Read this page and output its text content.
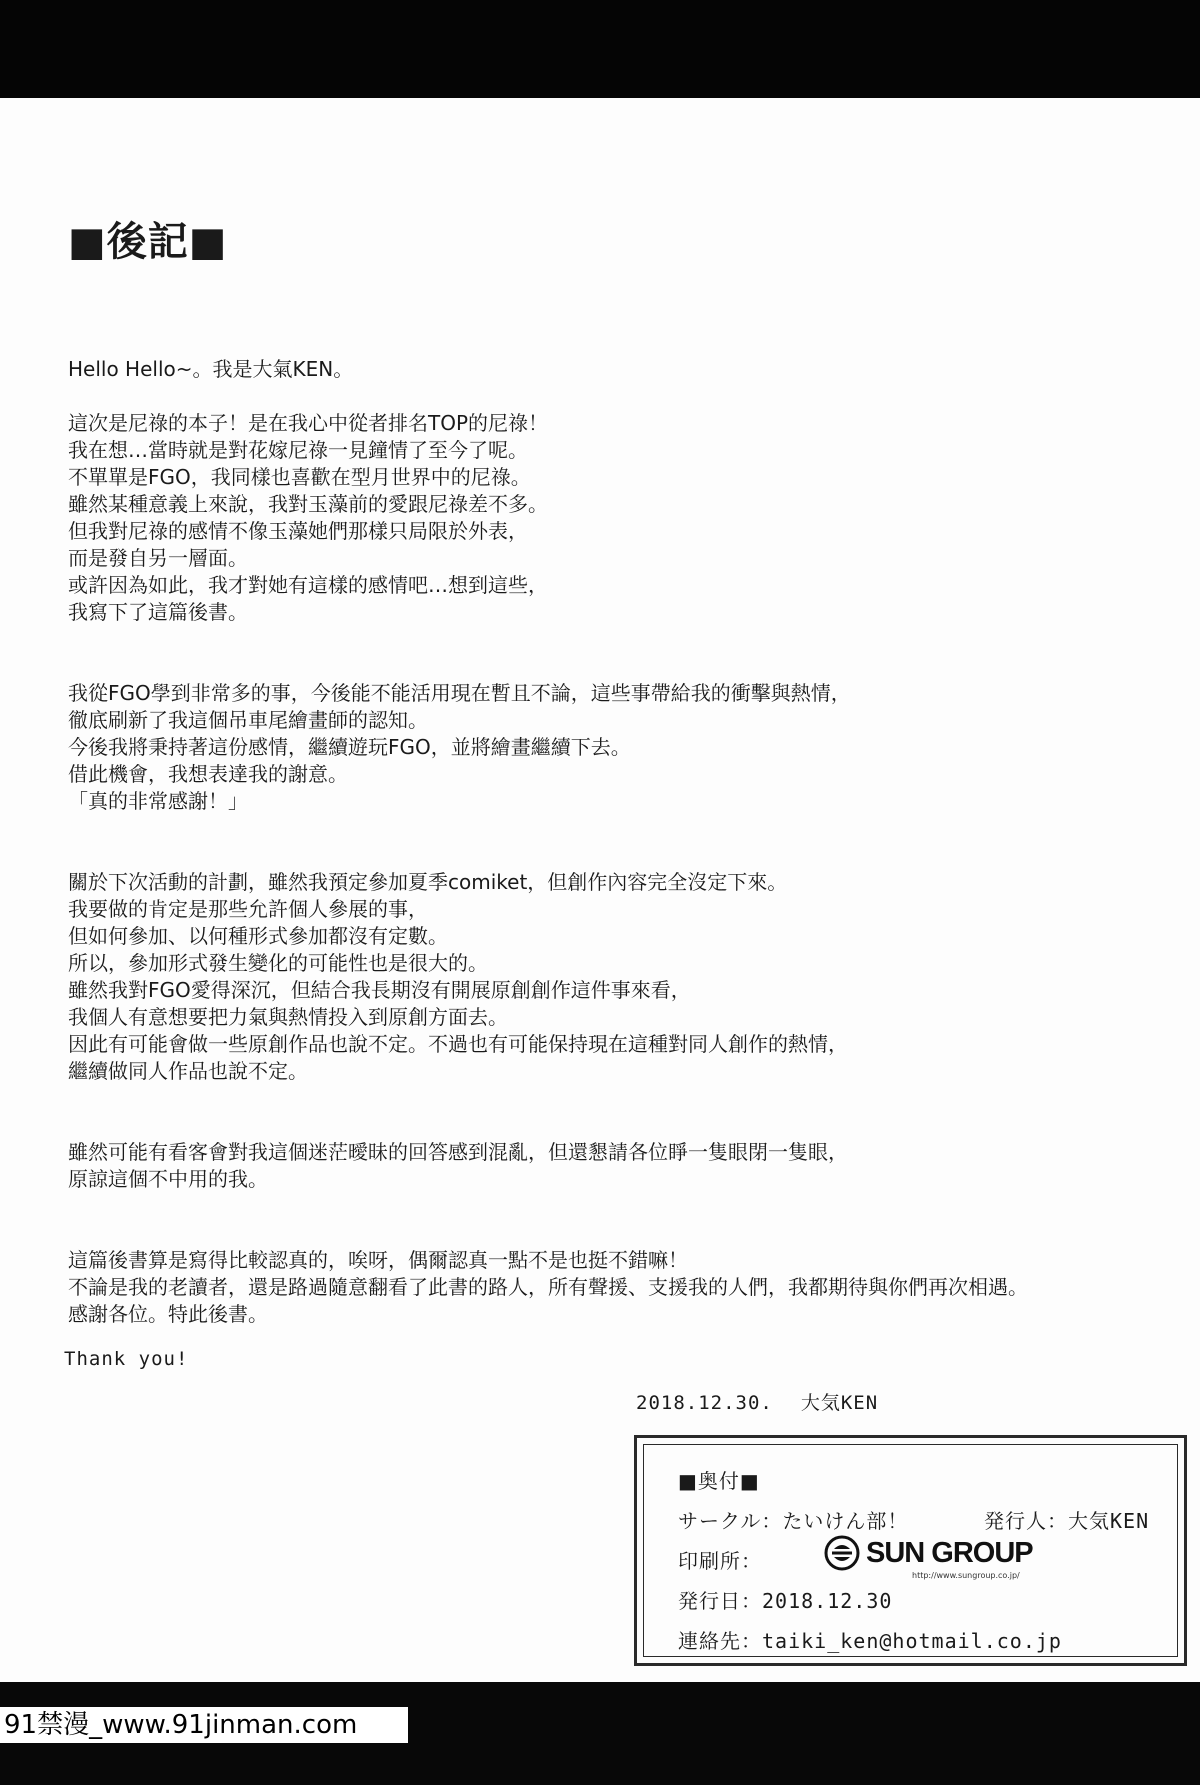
■後記■
Hello Hello~。我是大氣KEN。
這次是尼祿的本子！是在我心中從者排名TOP的尼祿！
我在想…當時就是對花嫁尼祿一見鐘情了至今了呢。
不單單是FGO，我同樣也喜歡在型月世界中的尼祿。
雖然某種意義上來說，我對玉藻前的愛跟尼祿差不多。
但我對尼祿的感情不像玉藻她們那樣只局限於外表，
而是發自另一層面。
或許因為如此，我才對她有這樣的感情吧…想到這些，
我寫下了這篇後書。
我從FGO學到非常多的事，今後能不能活用現在暫且不論，這些事帶給我的衝擊與熱情，
徹底刷新了我這個吊車尾繪畫師的認知。
今後我將秉持著這份感情，繼續遊玩FGO，並將繪畫繼續下去。
借此機會，我想表達我的謝意。
「真的非常感謝！」
關於下次活動的計劃，雖然我預定參加夏季comiket，但創作內容完全沒定下來。
我要做的肯定是那些允許個人參展的事，
但如何參加、以何種形式參加都沒有定數。
所以，參加形式發生變化的可能性也是很大的。
雖然我對FGO愛得深沉，但結合我長期沒有開展原創創作這件事來看，
我個人有意想要把力氣與熱情投入到原創方面去。
因此有可能會做一些原創作品也說不定。不過也有可能保持現在這種對同人創作的熱情，
繼續做同人作品也說不定。
雖然可能有看客會對我這個迷茫曖昧的回答感到混亂，但還懇請各位睜一隻眼閉一隻眼，
原諒這個不中用的我。
這篇後書算是寫得比較認真的，唉呀，偶爾認真一點不是也挺不錯嘛！
不論是我的老讀者，還是路過隨意翻看了此書的路人，所有聲援、支援我的人們，我都期待與你們再次相遇。
感謝各位。特此後書。
Thank you!
2018.12.30. 大気KEN
■奥付■
サークル：たいけん部！	発行人：大気KEN
印刷所：	SUN GROUP
http://www.sungroup.co.jp/
発行日：2018.12.30
連絡先：taiki_ken@hotmail.co.jp
91禁漫_www.91jinman.com
